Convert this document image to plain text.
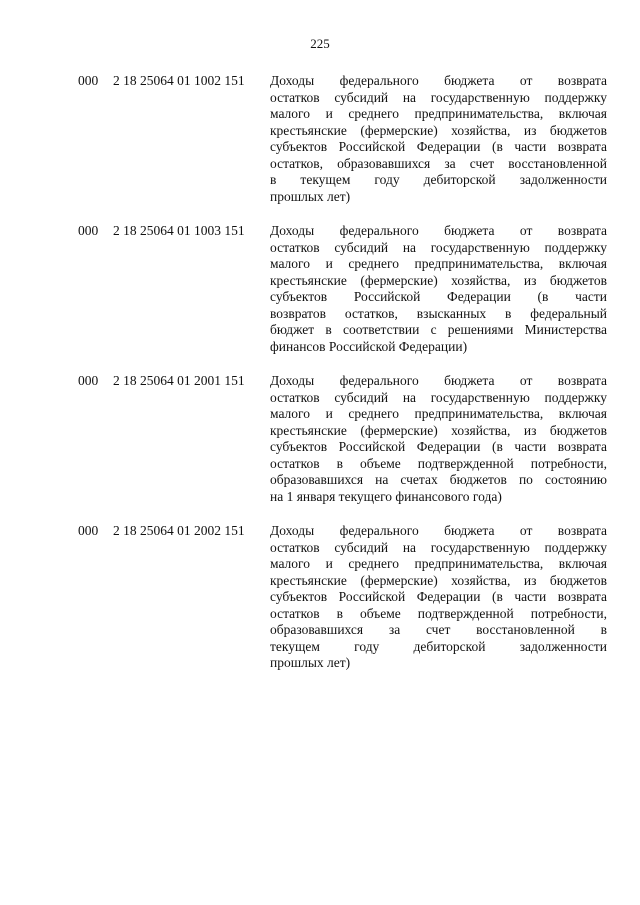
225
000 2 18 25064 01 1002 151 Доходы федерального бюджета от возврата
остатков субсидий на государственную поддержку
малого и среднего предпринимательства, включая
крестьянские (фермерские) хозяйства, из бюджетов
субъектов Российской Федерации (в части возврата
остатков, образовавшихся за счет восстановленной
в текущем году дебиторской задолженности
прошлых лет)
000 2 18 25064 01 1003 151 Доходы федерального бюджета от возврата
остатков субсидий на государственную поддержку
малого и среднего предпринимательства, включая
крестьянские (фермерские) хозяйства, из бюджетов
субъектов Российской Федерации (в части
возвратов остатков, взысканных в федеральный
бюджет в соответствии с решениями Министерства
финансов Российской Федерации)
000 2 18 25064 01 2001 151 Доходы федерального бюджета от возврата
остатков субсидий на государственную поддержку
малого и среднего предпринимательства, включая
крестьянские (фермерские) хозяйства, из бюджетов
субъектов Российской Федерации (в части возврата
остатков в объеме подтвержденной потребности,
образовавшихся на счетах бюджетов по состоянию
на 1 января текущего финансового года)
000 2 18 25064 01 2002 151 Доходы федерального бюджета от возврата
остатков субсидий на государственную поддержку
малого и среднего предпринимательства, включая
крестьянские (фермерские) хозяйства, из бюджетов
субъектов Российской Федерации (в части возврата
остатков в объеме подтвержденной потребности,
образовавшихся за счет восстановленной в
текущем году дебиторской задолженности
прошлых лет)
